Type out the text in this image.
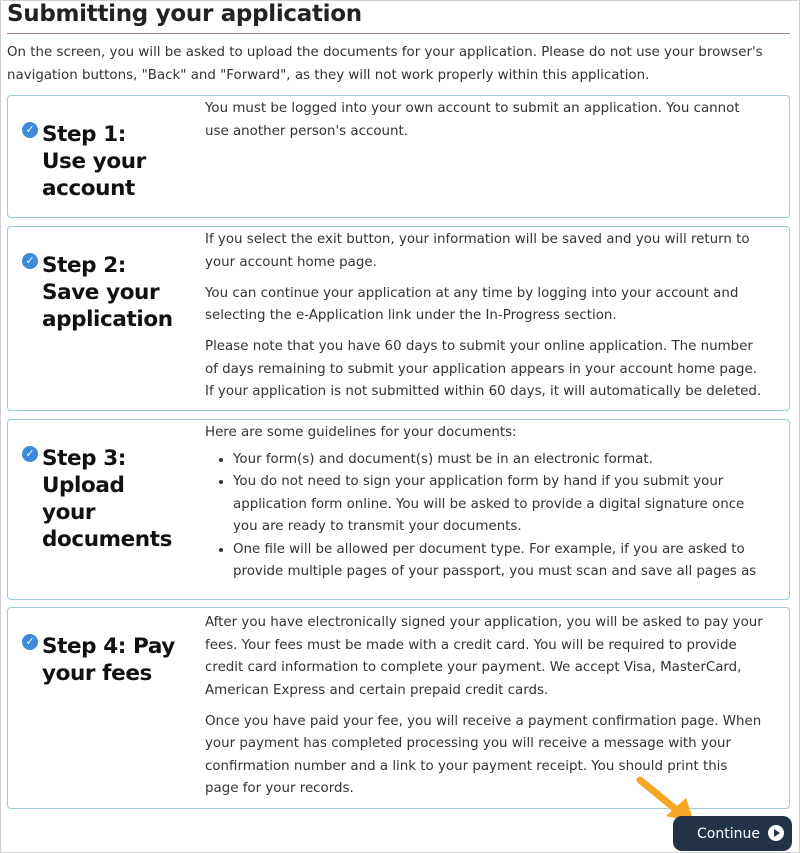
Submitting your application

On the screen, you will be asked to upload the documents for your application. Please do not use your browser's navigation buttons, "Back" and "Forward", as they will not work properly within this application.

✓ Step 1:
Use your
account

You must be logged into your own account to submit an application. You cannot use another person's account.

✓ Step 2:
Save your
application

If you select the exit button, your information will be saved and you will return to your account home page.

You can continue your application at any time by logging into your account and selecting the e-Application link under the In-Progress section.

Please note that you have 60 days to submit your online application. The number of days remaining to submit your application appears in your account home page. If your application is not submitted within 60 days, it will automatically be deleted.

✓ Step 3:
Upload
your
documents

Here are some guidelines for your documents:

• Your form(s) and document(s) must be in an electronic format.
• You do not need to sign your application form by hand if you submit your application form online. You will be asked to provide a digital signature once you are ready to transmit your documents.
• One file will be allowed per document type. For example, if you are asked to provide multiple pages of your passport, you must scan and save all pages as
✓ Step 4: Pay
your fees

After you have electronically signed your application, you will be asked to pay your fees. Your fees must be made with a credit card. You will be required to provide credit card information to complete your payment. We accept Visa, MasterCard, American Express and certain prepaid credit cards.

Once you have paid your fee, you will receive a payment confirmation page. When your payment has completed processing you will receive a message with your confirmation number and a link to your payment receipt. You should print this page for your records.

Continue
